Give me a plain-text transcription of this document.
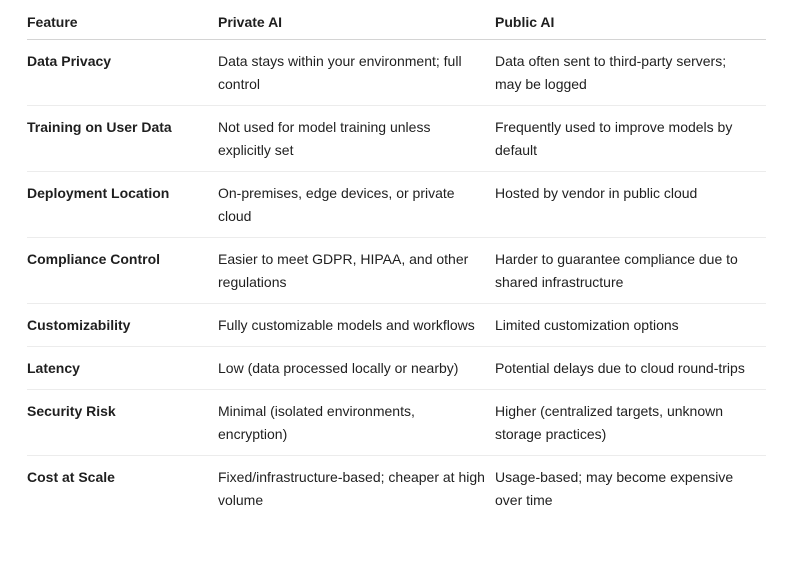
Feature	Private AI	Public AI
Data Privacy	Data stays within your environment; full control	Data often sent to third-party servers; may be logged
Training on User Data	Not used for model training unless explicitly set	Frequently used to improve models by default
Deployment Location	On-premises, edge devices, or private cloud	Hosted by vendor in public cloud
Compliance Control	Easier to meet GDPR, HIPAA, and other regulations	Harder to guarantee compliance due to shared infrastructure
Customizability	Fully customizable models and workflows	Limited customization options
Latency	Low (data processed locally or nearby)	Potential delays due to cloud round-trips
Security Risk	Minimal (isolated environments, encryption)	Higher (centralized targets, unknown storage practices)
Cost at Scale	Fixed/infrastructure-based; cheaper at high volume	Usage-based; may become expensive over time
